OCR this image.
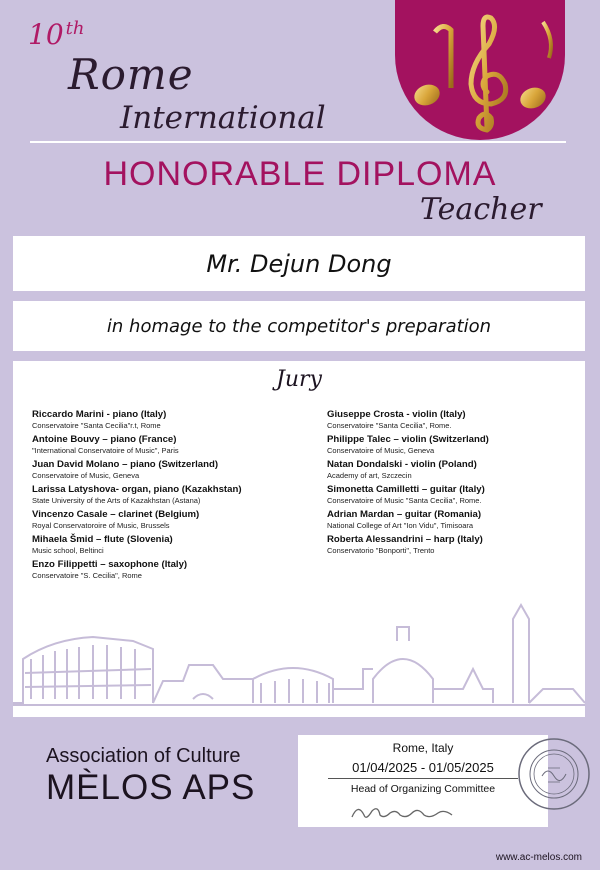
10 $^{th}$
Rome
International
HONORABLE DIPLOMA
Teacher
Mr. Dejun Dong
in homage to the competitor's preparation
Jury
Riccardo Marini - piano (Italy)
Conservatoire "Santa Cecilia"r.t, Rome
Antoine Bouvy – piano (France)
"International Conservatoire of Music", Paris
Juan David Molano – piano (Switzerland)
Conservatoire of Music, Geneva
Larissa Latyshova- organ, piano (Kazakhstan)
State University of the Arts of Kazakhstan (Astana)
Vincenzo Casale – clarinet (Belgium)
Royal Conservatoroire of Music, Brussels
Mihaela Šmid – flute (Slovenia)
Music school, Beltinci
Enzo Filippetti – saxophone (Italy)
Conservatoire "S. Cecilia", Rome
Giuseppe Crosta - violin (Italy)
Conservatoire "Santa Cecilia", Rome.
Philippe Talec – violin (Switzerland)
Conservatoire of Music, Geneva
Natan Dondalski - violin (Poland)
Academy of art, Szczecin
Simonetta Camilletti – guitar (Italy)
Conservatoire of Music "Santa Cecilia", Rome.
Adrian Mardan – guitar (Romania)
National College of Art "Ion Vidu", Timisoara
Roberta Alessandrini – harp (Italy)
Conservatorio "Bonporti", Trento
Association of Culture
MÈLOS APS
Rome, Italy
01/04/2025 - 01/05/2025
Head of Organizing Committee
www.ac-melos.com
